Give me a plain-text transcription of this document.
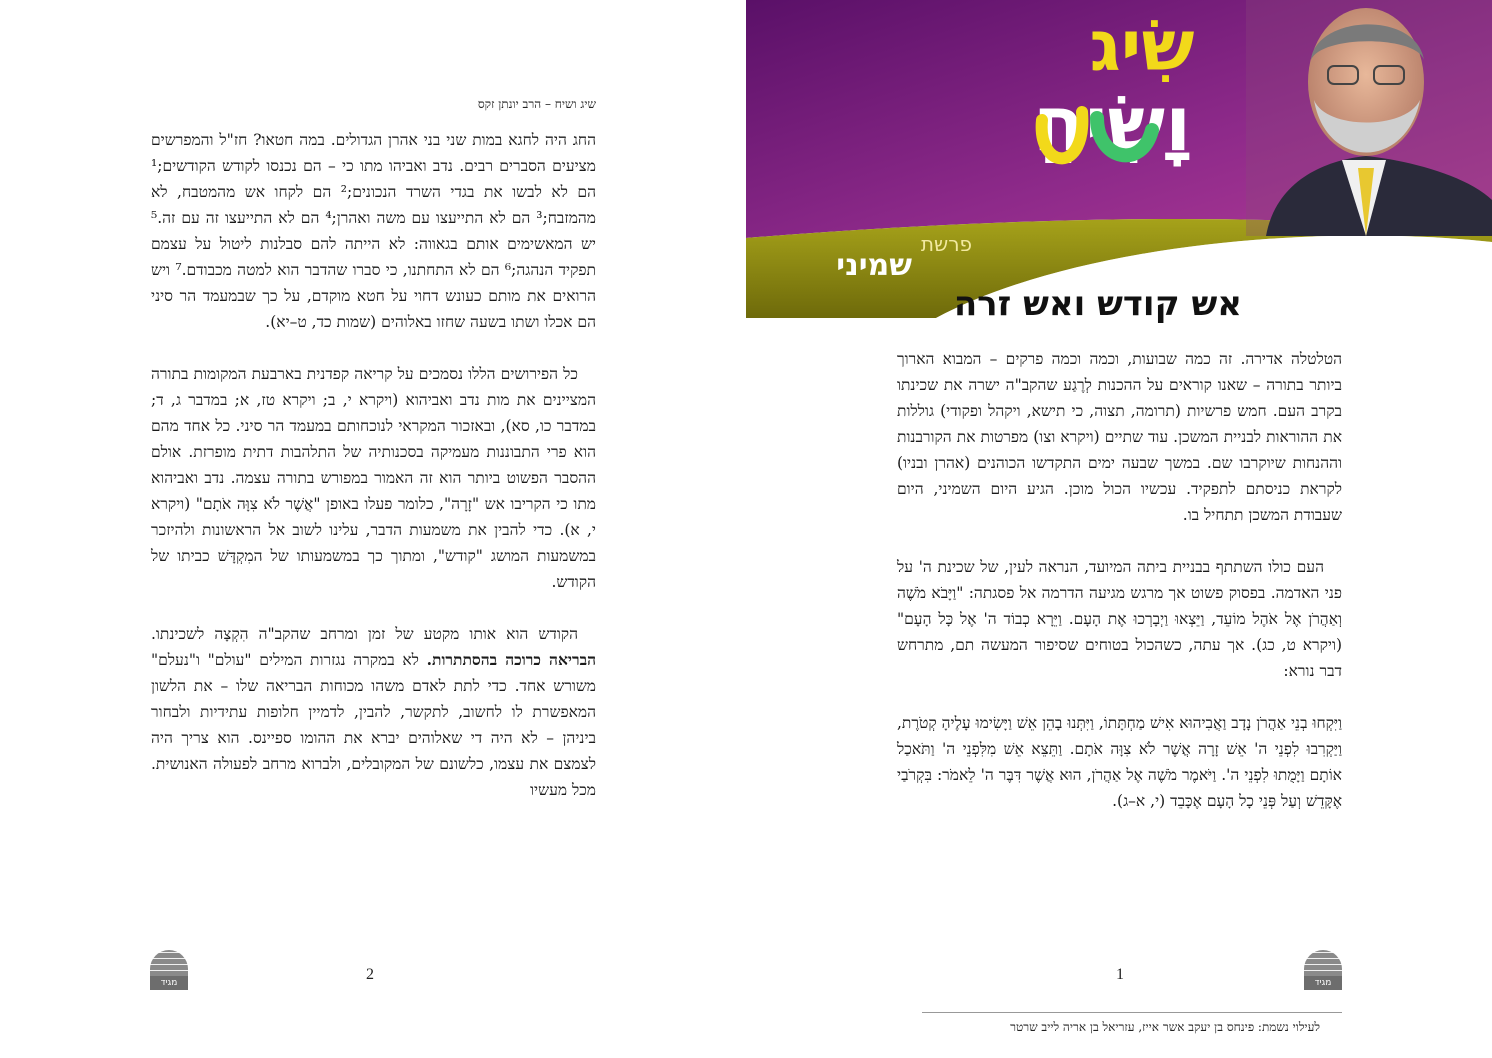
שיג ושיח – הרב יונתן זקס

החג היה לחגא במות שני בני אהרן הגדולים. במה חטאו? חז"ל והמפרשים מציעים הסברים רבים. נדב ואביהו מתו כי – הם נכנסו לקודש הקודשים;¹ הם לא לבשו את בגדי השרד הנכונים;² הם לקחו אש מהמטבח, לא מהמזבח;³ הם לא התייעצו עם משה ואהרן;⁴ הם לא התייעצו זה עם זה.⁵ יש המאשימים אותם בגאווה: לא הייתה להם סבלנות ליטול על עצמם תפקיד הנהגה;⁶ הם לא התחתנו, כי סברו שהדבר הוא למטה מכבודם.⁷ ויש הרואים את מותם כעונש דחוי על חטא מוקדם, על כך שבמעמד הר סיני הם אכלו ושתו בשעה שחזו באלוהים (שמות כד, ט–יא).

כל הפירושים הללו נסמכים על קריאה קפדנית בארבעת המקומות בתורה המציינים את מות נדב ואביהוא (ויקרא י, ב; ויקרא טז, א; במדבר ג, ד; במדבר כו, סא), ובאזכור המקראי לנוכחותם במעמד הר סיני. כל אחד מהם הוא פרי התבוננות מעמיקה בסכנותיה של התלהבות דתית מופרזת. אולם ההסבר הפשוט ביותר הוא זה האמור במפורש בתורה עצמה. נדב ואביהוא מתו כי הקריבו אש "זָרָה", כלומר פעלו באופן "אֲשֶׁר לֹא צִוָּה אֹתָם" (ויקרא י, א). כדי להבין את משמעות הדבר, עלינו לשוב אל הראשונות ולהיזכר במשמעות המושג "קודש", ומתוך כך במשמעותו של המִקְדָּשׁ כביתו של הקודש.

הקודש הוא אותו מקטע של זמן ומרחב שהקב"ה הִקְצָה לשכינתו. הבריאה כרוכה בהסתתרות. לא במקרה נגזרות המילים "עולם" ו"נעלם" משורש אחד. כדי לתת לאדם משהו מכוחות הבריאה שלו – את הלשון המאפשרת לו לחשוב, לתקשר, להבין, לדמיין חלופות עתידיות ולבחור ביניהן – לא היה די שאלוהים יברא את ההומו ספיינס. הוא צריך היה לצמצם את עצמו, כלשונם של המקובלים, ולברוא מרחב לפעולה האנושית. מכל מעשיו

2
מגיד
שִׂיג
וָשִׂיחַ
פרשת
שמיני
אש קודש ואש זרה

הטלטלה אדירה. זה כמה שבועות, וכמה וכמה פרקים – המבוא הארוך ביותר בתורה – שאנו קוראים על ההכנות לְרֶגַע שהקב"ה ישרה את שכינתו בקרב העם. חמש פרשיות (תרומה, תצוה, כי תישא, ויקהל ופקודי) גוללות את ההוראות לבניית המשכן. עוד שתיים (ויקרא וצו) מפרטות את הקורבנות וההנחות שיוקרבו שם. במשך שבעה ימים התקדשו הכוהנים (אהרן ובניו) לקראת כניסתם לתפקיד. עכשיו הכול מוכן. הגיע היום השמיני, היום שעבודת המשכן תתחיל בו.

העם כולו השתתף בבניית ביתה המיועד, הנראה לעין, של שכינת ה' על פני האדמה. בפסוק פשוט אך מרגש מגיעה הדרמה אל פסגתה: "וַיָּבֹא מֹשֶׁה וְאַהֲרֹן אֶל אֹהֶל מוֹעֵד, וַיֵּצְאוּ וַיְבָרְכוּ אֶת הָעָם. וַיֵּרָא כְבוֹד ה' אֶל כָּל הָעָם" (ויקרא ט, כג). אך עתה, כשהכול בטוחים שסיפור המעשה תם, מתרחש דבר נורא:

וַיִּקְחוּ בְנֵי אַהֲרֹן נָדָב וַאֲבִיהוּא אִישׁ מַחְתָּתוֹ, וַיִּתְּנוּ בָהֵן אֵשׁ וַיָּשִׂימוּ עָלֶיהָ קְטֹרֶת, וַיַּקְרִבוּ לִפְנֵי ה' אֵשׁ זָרָה אֲשֶׁר לֹא צִוָּה אֹתָם. וַתֵּצֵא אֵשׁ מִלִּפְנֵי ה' וַתֹּאכַל אוֹתָם וַיָּמֻתוּ לִפְנֵי ה'. וַיֹּאמֶר מֹשֶׁה אֶל אַהֲרֹן, הוּא אֲשֶׁר דִּבֶּר ה' לֵאמֹר: בִּקְרֹבַי אֶקָּדֵשׁ וְעַל פְּנֵי כָל הָעָם אֶכָּבֵד (י, א–ג).

1	מגיד
לעילוי נשמת: פינחס בן יעקב אשר אייז, עזריאל בן אריה לייב שרטר
